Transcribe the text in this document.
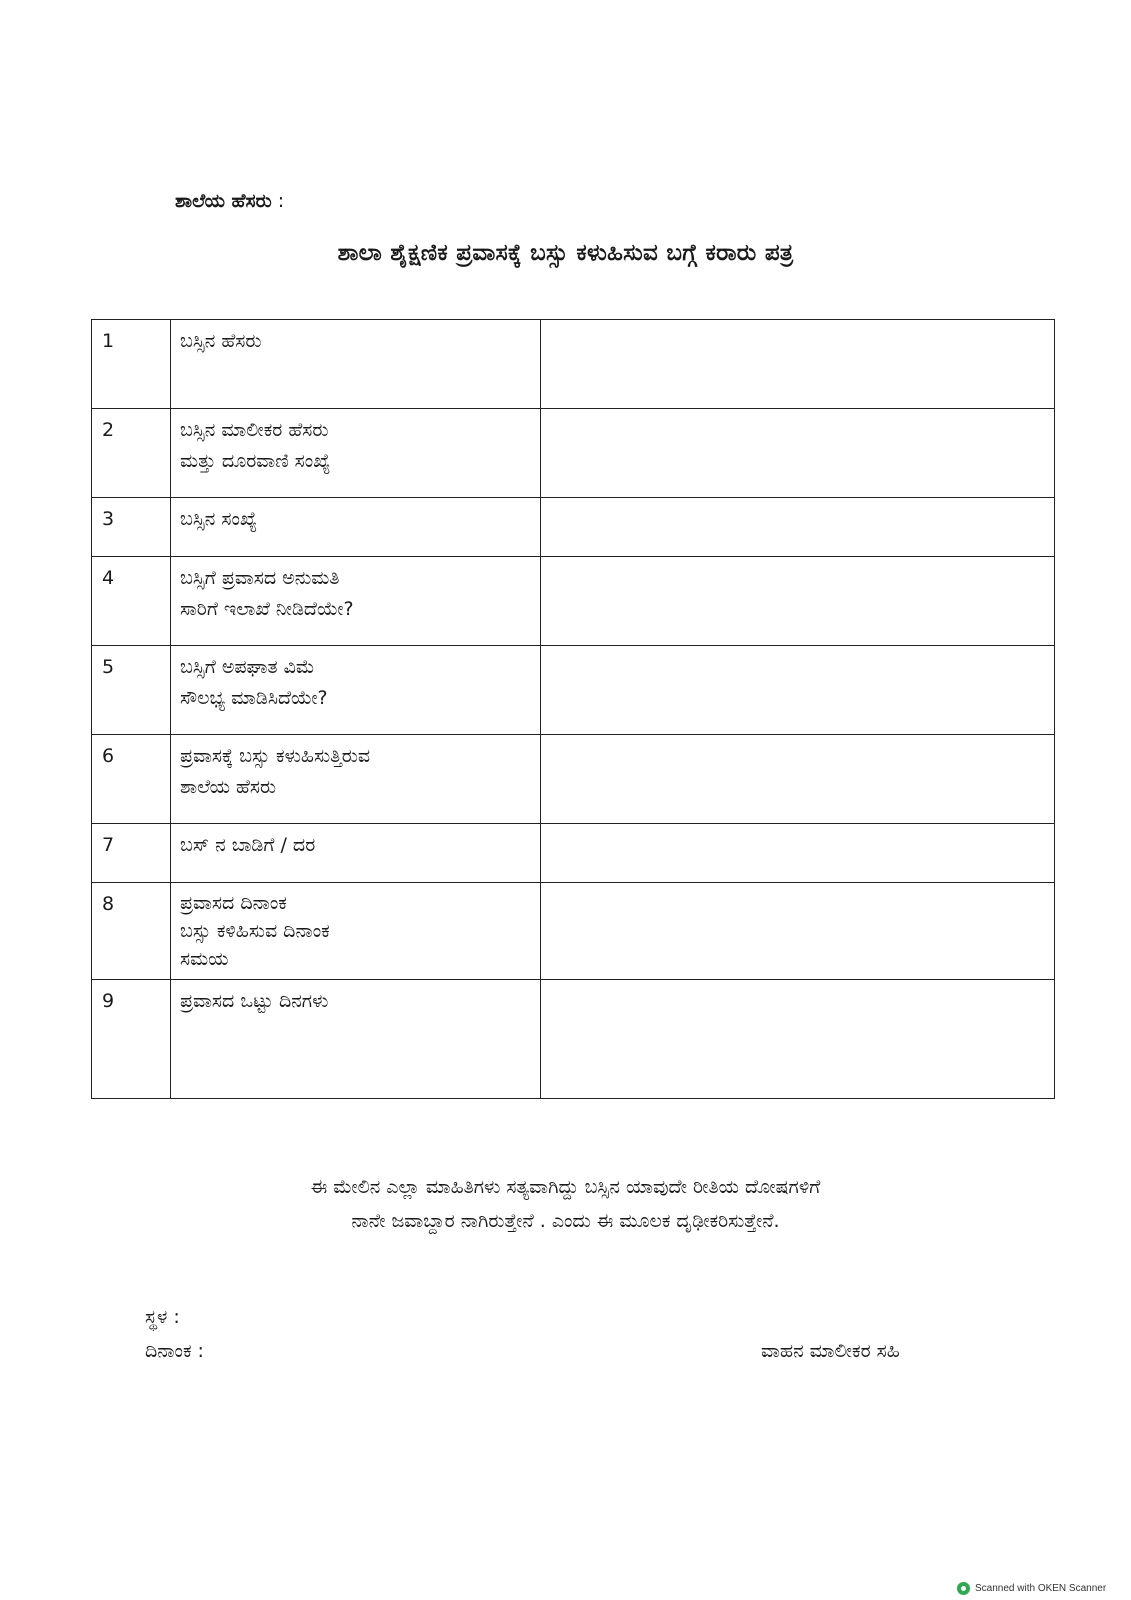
ಶಾಲೆಯ ಹೆಸರು :
ಶಾಲಾ ಶೈಕ್ಷಣಿಕ ಪ್ರವಾಸಕ್ಕೆ ಬಸ್ಸು ಕಳುಹಿಸುವ ಬಗ್ಗೆ ಕರಾರು ಪತ್ರ
1	ಬಸ್ಸಿನ ಹೆಸರು	

2	ಬಸ್ಸಿನ ಮಾಲೀಕರ ಹೆಸರು
ಮತ್ತು ದೂರವಾಣಿ ಸಂಖ್ಯೆ	

3	ಬಸ್ಸಿನ ಸಂಖ್ಯೆ	

4	ಬಸ್ಸಿಗೆ ಪ್ರವಾಸದ ಅನುಮತಿ
ಸಾರಿಗೆ ಇಲಾಖೆ ನೀಡಿದೆಯೇ?	

5	ಬಸ್ಸಿಗೆ ಅಪಘಾತ ವಿಮೆ
ಸೌಲಭ್ಯ ಮಾಡಿಸಿದೆಯೇ?	

6	ಪ್ರವಾಸಕ್ಕೆ ಬಸ್ಸು ಕಳುಹಿಸುತ್ತಿರುವ
ಶಾಲೆಯ ಹೆಸರು	

7	ಬಸ್ ನ ಬಾಡಿಗೆ / ದರ	

8	ಪ್ರವಾಸದ ದಿನಾಂಕ
ಬಸ್ಸು ಕಳಿಹಿಸುವ ದಿನಾಂಕ
ಸಮಯ	

9	ಪ್ರವಾಸದ ಒಟ್ಟು ದಿನಗಳು	

ಈ ಮೇಲಿನ ಎಲ್ಲಾ ಮಾಹಿತಿಗಳು ಸತ್ಯವಾಗಿದ್ದು ಬಸ್ಸಿನ ಯಾವುದೇ ರೀತಿಯ ದೋಷಗಳಿಗೆ
ನಾನೇ ಜವಾಬ್ದಾರ ನಾಗಿರುತ್ತೇನೆ . ಎಂದು ಈ ಮೂಲಕ ದೃಢೀಕರಿಸುತ್ತೇನೆ.
ಸ್ಥಳ :
ದಿನಾಂಕ :	ವಾಹನ ಮಾಲೀಕರ ಸಹಿ
Scanned with OKEN Scanner
